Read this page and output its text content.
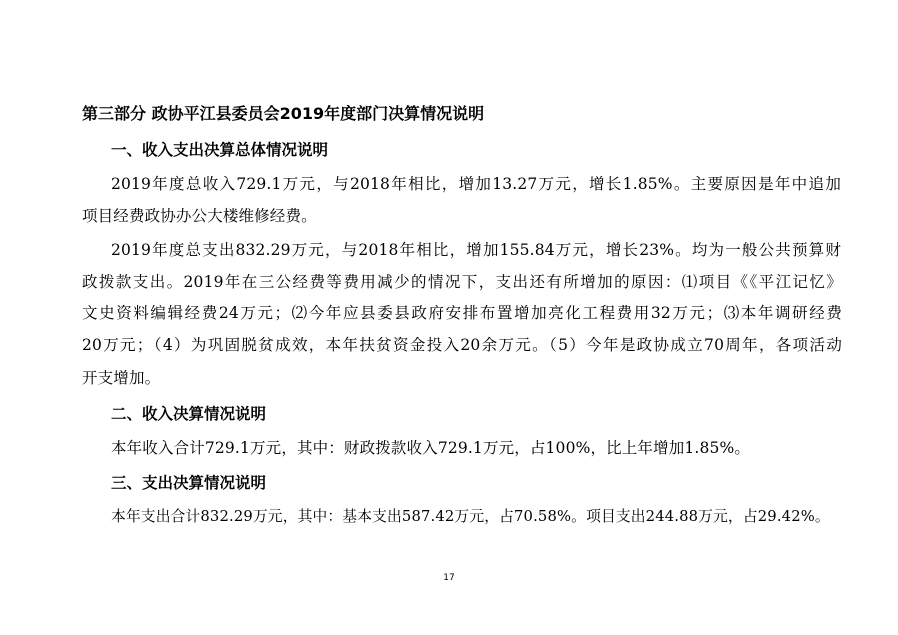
第三部分 政协平江县委员会2019年度部门决算情况说明
一、收入支出决算总体情况说明
2019年度总收入729.1万元，与2018年相比，增加13.27万元，增长1.85%。主要原因是年中追加
项目经费政协办公大楼维修经费。
2019年度总支出832.29万元，与2018年相比，增加155.84万元，增长23%。均为一般公共预算财
政拨款支出。2019年在三公经费等费用减少的情况下，支出还有所增加的原因：⑴项目《《平江记忆》
文史资料编辑经费24万元；⑵今年应县委县政府安排布置增加亮化工程费用32万元；⑶本年调研经费
20万元；（4）为巩固脱贫成效，本年扶贫资金投入20余万元。（5）今年是政协成立70周年，各项活动
开支增加。
二、收入决算情况说明
本年收入合计729.1万元，其中：财政拨款收入729.1万元，占100%，比上年增加1.85%。
三、支出决算情况说明
本年支出合计832.29万元，其中：基本支出587.42万元，占70.58%。项目支出244.88万元，占29.42%。
17
